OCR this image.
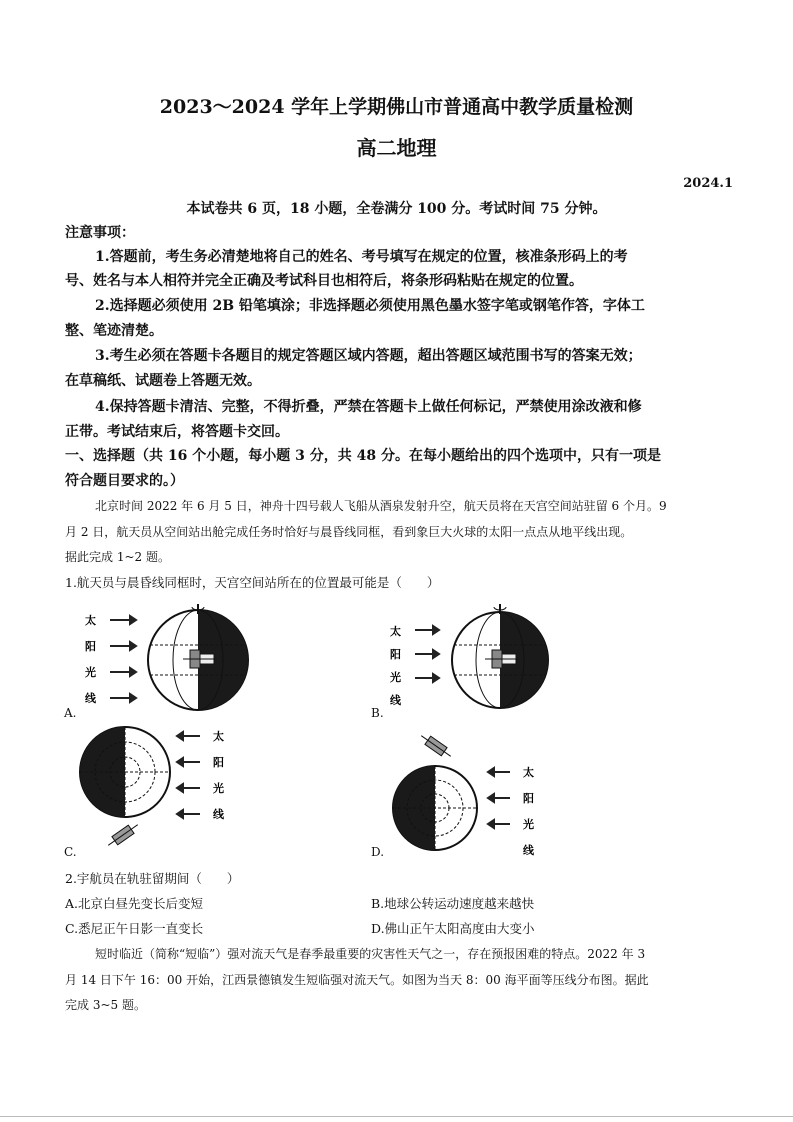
2023～2024 学年上学期佛山市普通高中教学质量检测
高二地理
2024.1
本试卷共 6 页，18 小题，全卷满分 100 分。考试时间 75 分钟。
注意事项：
1.答题前，考生务必清楚地将自己的姓名、考号填写在规定的位置，核准条形码上的考
号、姓名与本人相符并完全正确及考试科目也相符后，将条形码粘贴在规定的位置。
2.选择题必须使用 2B 铅笔填涂；非选择题必须使用黑色墨水签字笔或钢笔作答，字体工
整、笔迹清楚。
3.考生必须在答题卡各题目的规定答题区域内答题，超出答题区域范围书写的答案无效；
在草稿纸、试题卷上答题无效。
4.保持答题卡清洁、完整，不得折叠，严禁在答题卡上做任何标记，严禁使用涂改液和修
正带。考试结束后，将答题卡交回。
一、选择题（共 16 个小题，每小题 3 分，共 48 分。在每小题给出的四个选项中，只有一项是
符合题目要求的。）
北京时间 2022 年 6 月 5 日，神舟十四号载人飞船从酒泉发射升空，航天员将在天宫空间站驻留 6 个月。9
月 2 日，航天员从空间站出舱完成任务时恰好与晨昏线同框，看到象巨大火球的太阳一点点从地平线出现。
据此完成 1~2 题。
1.航天员与晨昏线同框时，天宫空间站所在的位置最可能是（　　）
太
阳
光
线
A.
太
阳
光
线
B.
太
阳
光
线
C.
太
阳
光
线
D.
2.宇航员在轨驻留期间（　　）
A.北京白昼先变长后变短	B.地球公转运动速度越来越快
C.悉尼正午日影一直变长	D.佛山正午太阳高度由大变小
短时临近（简称“短临”）强对流天气是春季最重要的灾害性天气之一，存在预报困难的特点。2022 年 3
月 14 日下午 16：00 开始，江西景德镇发生短临强对流天气。如图为当天 8：00 海平面等压线分布图。据此
完成 3~5 题。
